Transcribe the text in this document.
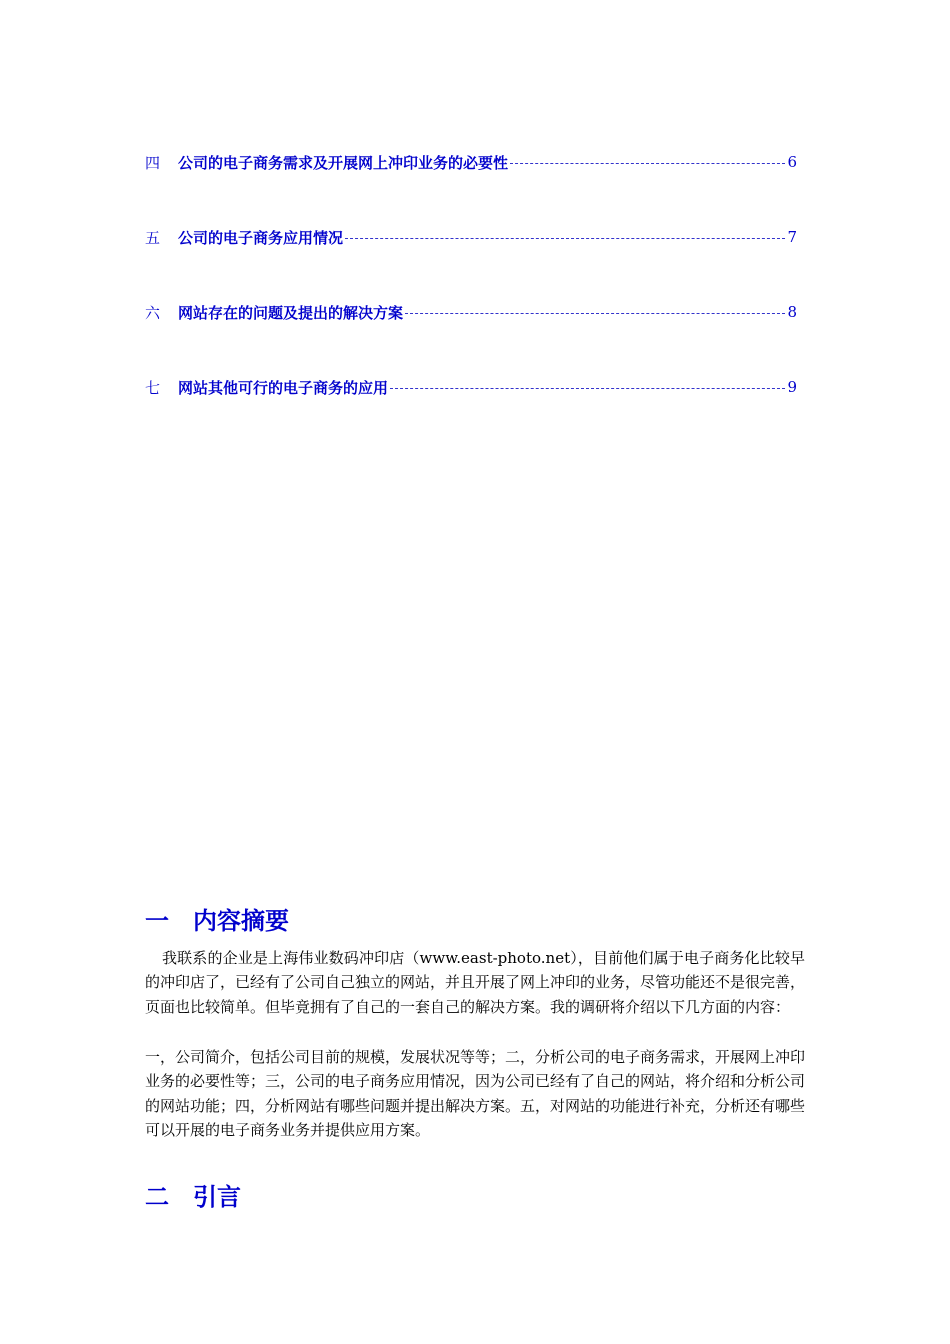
四	公司的电子商务需求及开展网上冲印业务的必要性	6
五	公司的电子商务应用情况	7
六	网站存在的问题及提出的解决方案	8
七	网站其他可行的电子商务的应用	9
一 内容摘要

我联系的企业是上海伟业数码冲印店（www.east-photo.net），目前他们属于电子商务化比较早的冲印店了，已经有了公司自己独立的网站，并且开展了网上冲印的业务，尽管功能还不是很完善，页面也比较简单。但毕竟拥有了自己的一套自己的解决方案。我的调研将介绍以下几方面的内容：

一，公司简介，包括公司目前的规模，发展状况等等；二，分析公司的电子商务需求，开展网上冲印业务的必要性等；三，公司的电子商务应用情况，因为公司已经有了自己的网站，将介绍和分析公司的网站功能；四，分析网站有哪些问题并提出解决方案。五，对网站的功能进行补充，分析还有哪些可以开展的电子商务业务并提供应用方案。

二 引言
